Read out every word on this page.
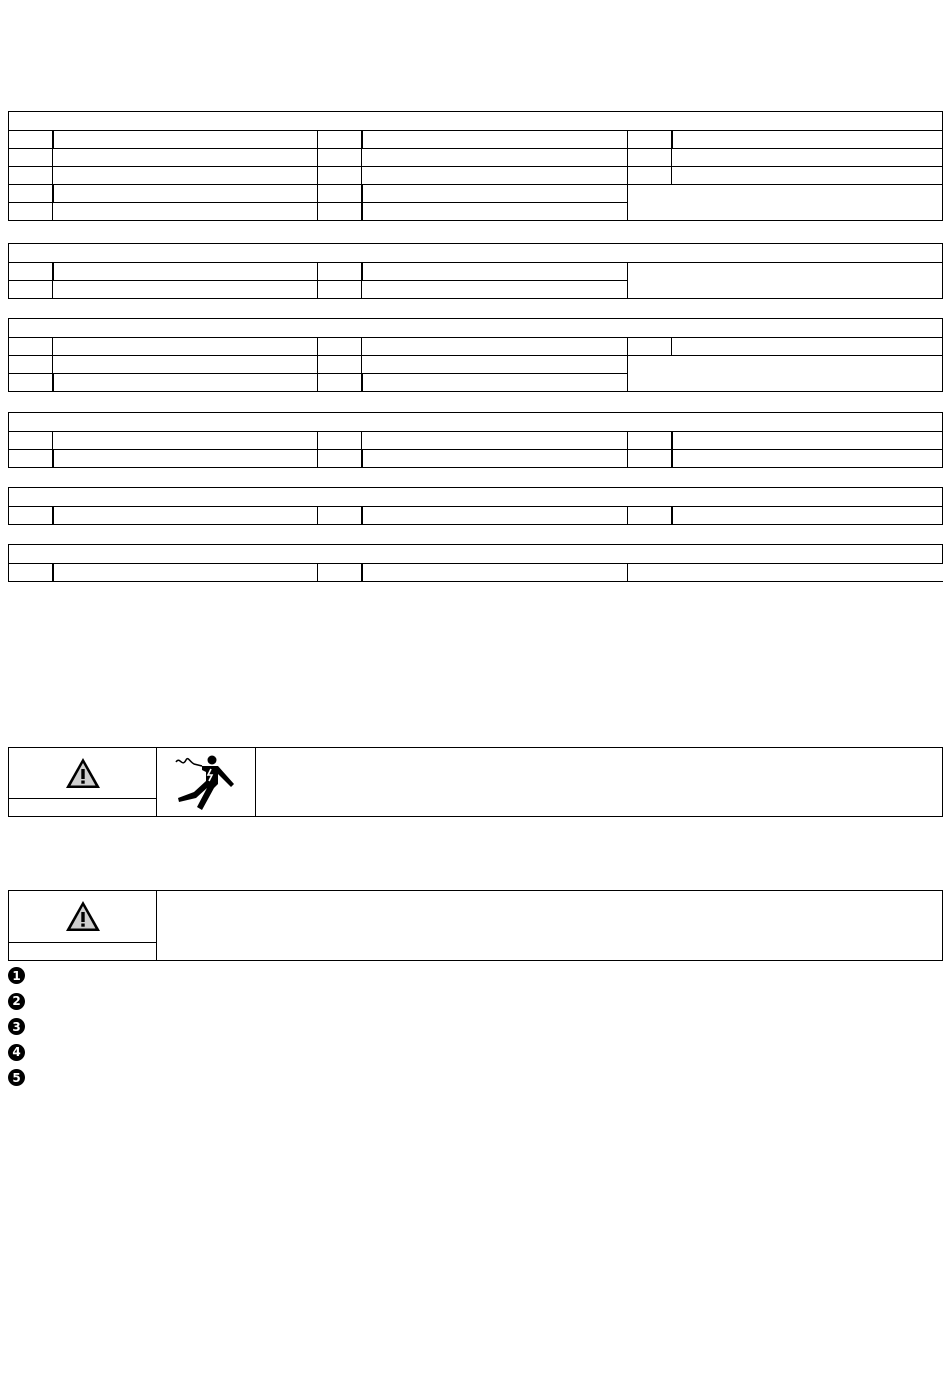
1
2
3
4
5
